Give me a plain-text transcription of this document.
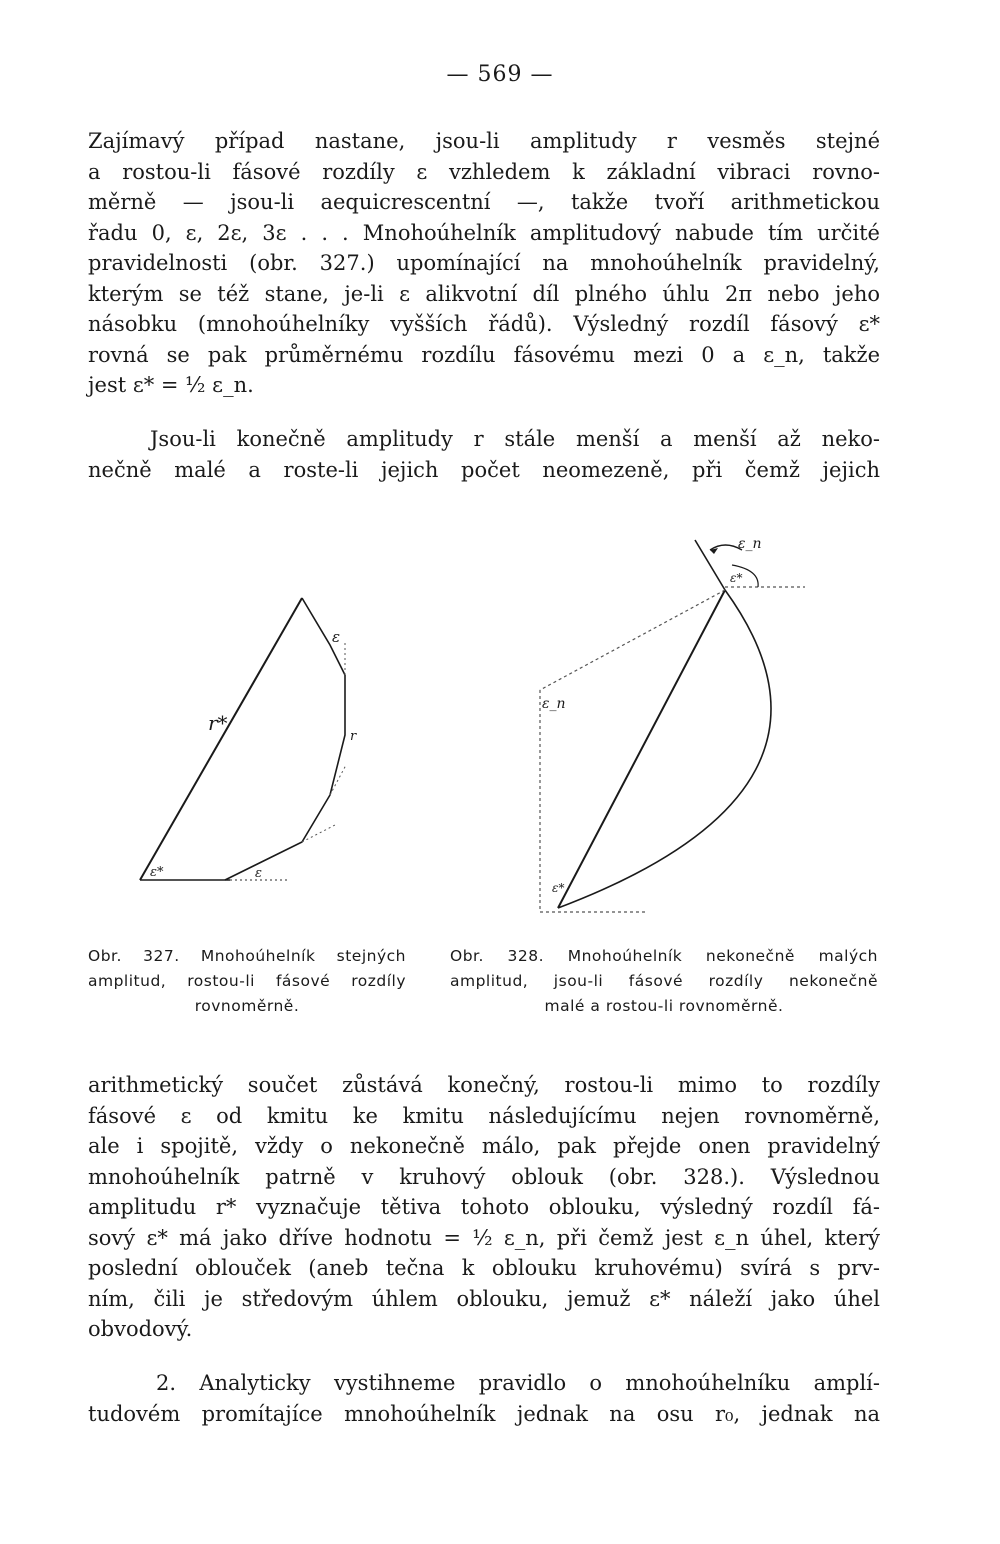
— 569 —
Zajímavý případ nastane, jsou-li amplitudy r vesměs stejné
a rostou-li fásové rozdíly ε vzhledem k základní vibraci rovno-
měrně — jsou-li aequicrescentní —, takže tvoří arithmetickou
řadu 0, ε, 2ε, 3ε . . . Mnohoúhelník amplitudový nabude tím určité
pravidelnosti (obr. 327.) upomínající na mnohoúhelník pravidelný,
kterým se též stane, je-li ε alikvotní díl plného úhlu 2π nebo jeho
násobku (mnohoúhelníky vyšších řádů). Výsledný rozdíl fásový ε*
rovná se pak průměrnému rozdílu fásovému mezi 0 a ε_n, takže
jest ε* = ½ ε_n.
Jsou-li konečně amplitudy r stále menší a menší až neko-
nečně malé a roste-li jejich počet neomezeně, při čemž jejich
r*
ε
r
ε*	ε
ε_n
ε*
ε_n
ε*
Obr. 327. Mnohoúhelník stejných
amplitud, rostou-li fásové rozdíly
rovnoměrně.
Obr. 328. Mnohoúhelník nekonečně malých
amplitud, jsou-li fásové rozdíly nekonečně
malé a rostou-li rovnoměrně.
arithmetický součet zůstává konečný, rostou-li mimo to rozdíly
fásové ε od kmitu ke kmitu následujícímu nejen rovnoměrně,
ale i spojitě, vždy o nekonečně málo, pak přejde onen pravidelný
mnohoúhelník patrně v kruhový oblouk (obr. 328.). Výslednou
amplitudu r* vyznačuje tětiva tohoto oblouku, výsledný rozdíl fá-
sový ε* má jako dříve hodnotu = ½ ε_n, při čemž jest ε_n úhel, který
poslední oblouček (aneb tečna k oblouku kruhovému) svírá s prv-
ním, čili je středovým úhlem oblouku, jemuž ε* náleží jako úhel
obvodový.
2. Analyticky vystihneme pravidlo o mnohoúhelníku amplí-
tudovém promítajíce mnohoúhelník jednak na osu r₀, jednak na
